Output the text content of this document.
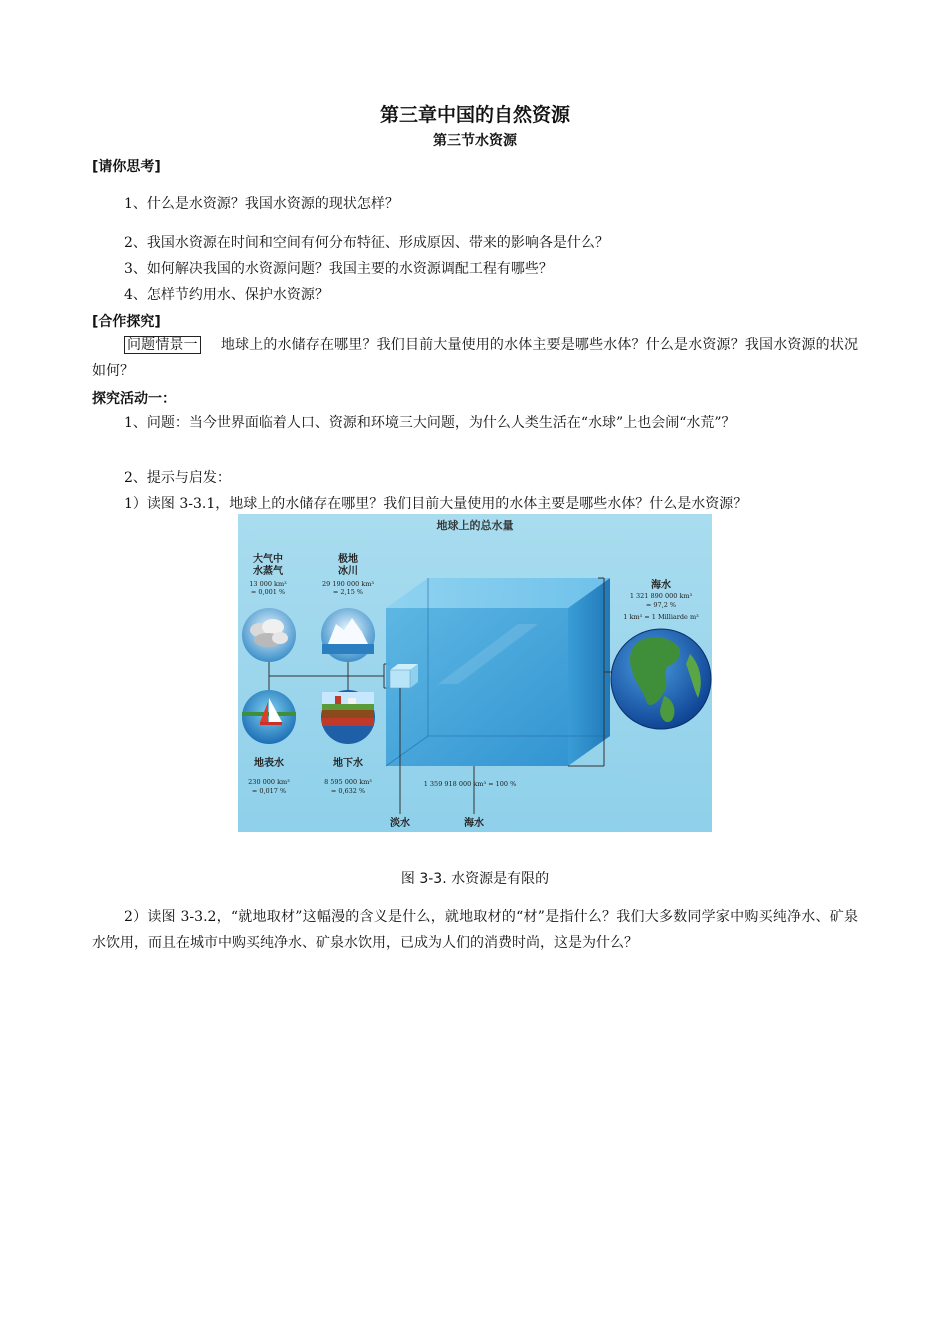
第三章中国的自然资源
第三节水资源
[请你思考]
1、什么是水资源？我国水资源的现状怎样？
2、我国水资源在时间和空间有何分布特征、形成原因、带来的影响各是什么？
3、如何解决我国的水资源问题？我国主要的水资源调配工程有哪些？
4、怎样节约用水、保护水资源？
[合作探究]
问题情景一 地球上的水储存在哪里？我们目前大量使用的水体主要是哪些水体？什么是水资源？我国水资源的状况如何？
探究活动一：
1、问题：当今世界面临着人口、资源和环境三大问题，为什么人类生活在“水球”上也会闹“水荒”？
2、提示与启发：
1）读图 3-3.1，地球上的水储存在哪里？我们目前大量使用的水体主要是哪些水体？什么是水资源？
地球上的总水量
大气中
水蒸气
13 000 km³
= 0,001 %
极地
冰川
29 190 000 km³
= 2,15 %
地表水
230 000 km³
= 0,017 %
地下水
8 595 000 km³
= 0,632 %
1 359 918 000 km³ = 100 %
淡水	海水
海水
1 321 890 000 km³
= 97,2 %
1 km³ = 1 Milliarde m³
图 3-3. 水资源是有限的
2）读图 3-3.2，“就地取材”这幅漫的含义是什么，就地取材的“材”是指什么？我们大多数同学家中购买纯净水、矿泉水饮用，而且在城市中购买纯净水、矿泉水饮用，已成为人们的消费时尚，这是为什么？
